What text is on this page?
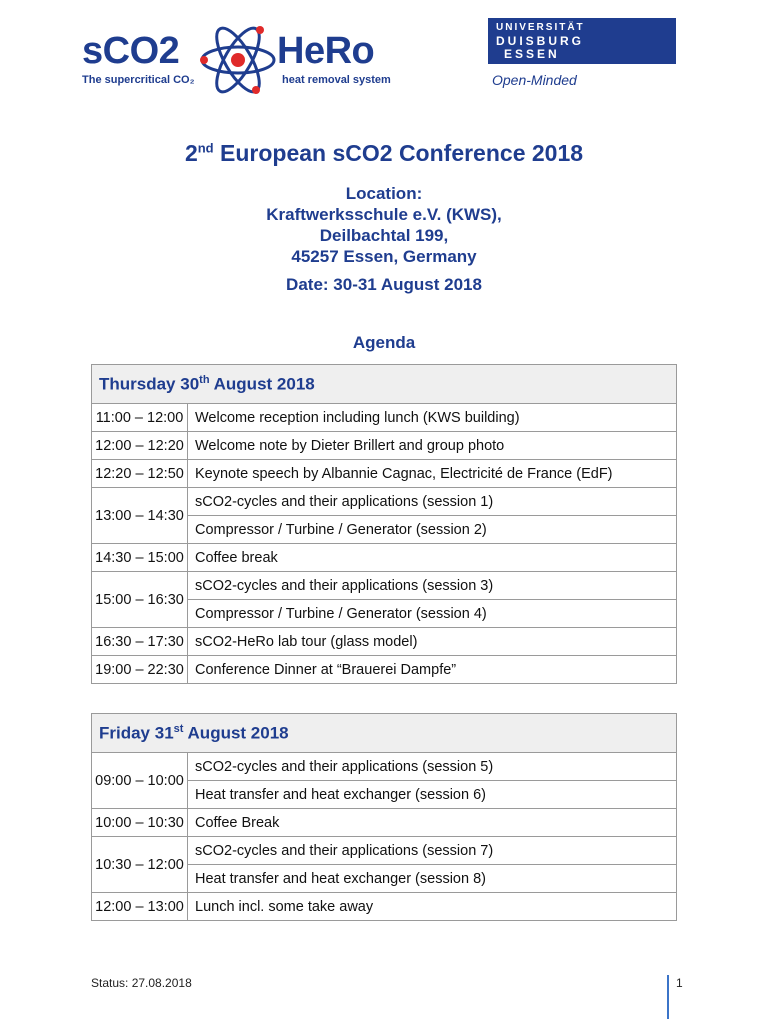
sCO2	HeRo
The supercritical CO₂	heat removal system
UNIVERSITÄT
DUISBURG
ESSEN
Open-Minded
2nd European sCO2 Conference 2018
Location:
Kraftwerksschule e.V. (KWS),
Deilbachtal 199,
45257 Essen, Germany
Date: 30-31 August 2018
Agenda
Thursday 30th August 2018	
11:00 – 12:00	Welcome reception including lunch (KWS building)
12:00 – 12:20	Welcome note by Dieter Brillert and group photo
12:20 – 12:50	Keynote speech by Albannie Cagnac, Electricité de France (EdF)
13:00 – 14:30	sCO2-cycles and their applications (session 1)
	Compressor / Turbine / Generator (session 2)
14:30 – 15:00	Coffee break
15:00 – 16:30	sCO2-cycles and their applications (session 3)
	Compressor / Turbine / Generator (session 4)
16:30 – 17:30	sCO2-HeRo lab tour (glass model)
19:00 – 22:30	Conference Dinner at “Brauerei Dampfe”
Friday 31st August 2018	
09:00 – 10:00	sCO2-cycles and their applications (session 5)
	Heat transfer and heat exchanger (session 6)
10:00 – 10:30	Coffee Break
10:30 – 12:00	sCO2-cycles and their applications (session 7)
	Heat transfer and heat exchanger (session 8)
12:00 – 13:00	Lunch incl. some take away
Status: 27.08.2018	1
